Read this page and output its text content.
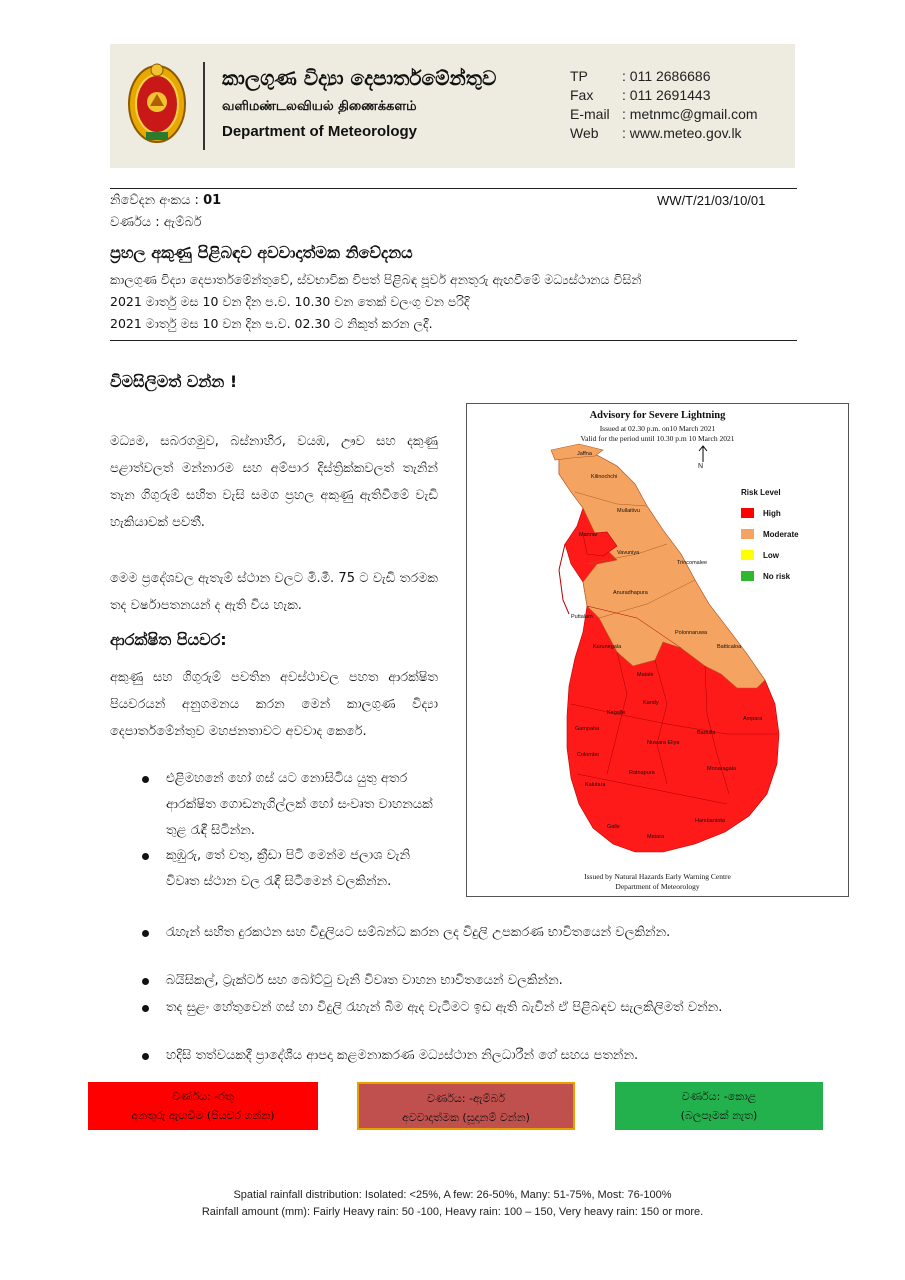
කාලගුණ විද්‍යා දෙපාර්තමේන්තුව
வளிமண்டலவியல் திணைக்களம்
Department of Meteorology
TP : 011 2686686
Fax : 011 2691443
E-mail : metnmc@gmail.com
Web : www.meteo.gov.lk
නිවේදන අංකය : 01
වර්ණය : ඇම්බර්
WW/T/21/03/10/01
ප්‍රහල අකුණු පිළිබඳව අවවාදාත්මක නිවේදනය
කාලගුණ විද්‍යා දෙපාර්තමේන්තුවේ, ස්වභාවික විපත් පිළිබඳ පූර්ව අනතුරු ඇඟවීමේ මධ්‍යස්ථානය විසින්
2021 මාර්තු මස 10 වන දින ප.ව. 10.30 වන තෙක් වලංගු වන පරිදි
2021 මාර්තු මස 10 වන දින ප.ව. 02.30 ට නිකුත් කරන ලදී.
විමසිලිමත් වන්න !
මධ්‍යම, සබරගමුව, බස්නාහිර, වයඹ, ඌව සහ දකුණු පළාත්වලත් මන්නාරම සහ අම්පාර දිස්ත්‍රික්කවලත් තැනින් තැන ගිගුරුම් සහිත වැසි සමග ප්‍රහල අකුණු ඇතිවීමේ වැඩි හැකියාවක් පවතී.
මෙම ප්‍රදේශවල ඇතැම් ස්ථාන වලට මි.මී. 75 ට වැඩි තරමක තද වර්ෂාපතනයන් ද ඇති විය හැක.
ආරක්ෂිත පියවර:
අකුණු සහ ගිගුරුම් පවතින අවස්ථාවල පහත ආරක්ෂිත පියවරයන් අනුගමනය කරන මෙන් කාලගුණ විද්‍යා දෙපාර්තමේන්තුව මහජනතාවට අවවාද කෙරේ.
එළිමහනේ හෝ ගස් යට නොසිටිය යුතු අතර ආරක්ෂිත ගොඩනැගිල්ලක් හෝ සංවෘත වාහනයක් තුළ රැඳී සිටින්න.
කුඹුරු, තේ වතු, ක්‍රීඩා පිටි මෙන්ම ජලාශ වැනි විවෘත ස්ථාන වල රැඳී සිටීමෙන් වලකින්න.
රැහැන් සහිත දුරකථන සහ විදුලියට සම්බන්ධ කරන ලද විදුලි උපකරණ භාවිතයෙන් වලකින්න.
බයිසිකල්, ට්‍රැක්ටර් සහ බෝට්ටු වැනි විවෘත වාහන භාවිතයෙන් වලකින්න.
තද සුළං හේතුවෙන් ගස් හා විදුලි රැහැන් බිම ඇද වැටීමට ඉඩ ඇති බැවින් ඒ පිළිබඳව සැලකිලිමත් වන්න.
හදිසි තත්වයකදී ප්‍රාදේශීය ආපදා කළමනාකරණ මධ්‍යස්ථාන නිලධාරීන් ගේ සහය පතන්න.
Advisory for Severe Lightning
Issued at 02.30 p.m. on10 March 2021
Valid for the period until 10.30 p.m 10 March 2021
Jaffna
Kilinochchi
Mullaitivu
Mannar
Vavuniya
Trincomalee
Anuradhapura
Polonnaruwa
Batticaloa
Puttalam
Kurunegala
Matale
Kandy
Ampara
Kegalle
Colombo
Gampaha
Nuwara Eliya
Badulla
Kalutara
Ratnapura
Monaragala
Galle
Matara
Hambantota
N
Risk Level
High
Moderate
Low
No risk
Issued by Natural Hazards Early Warning Centre
Department of Meteorology
වර්ණය: -රතු
අනතුරු ඇඟවීම (පියවර ගන්න)
වර්ණය: -ඇම්බර්
අවවාදාත්මක (සූදානම් වන්න)
වර්ණය: -කොළ
(බලපෑමක් නැත)
Spatial rainfall distribution: Isolated: <25%, A few: 26-50%, Many: 51-75%, Most: 76-100%
Rainfall amount (mm): Fairly Heavy rain: 50 -100, Heavy rain: 100 – 150, Very heavy rain: 150 or more.
